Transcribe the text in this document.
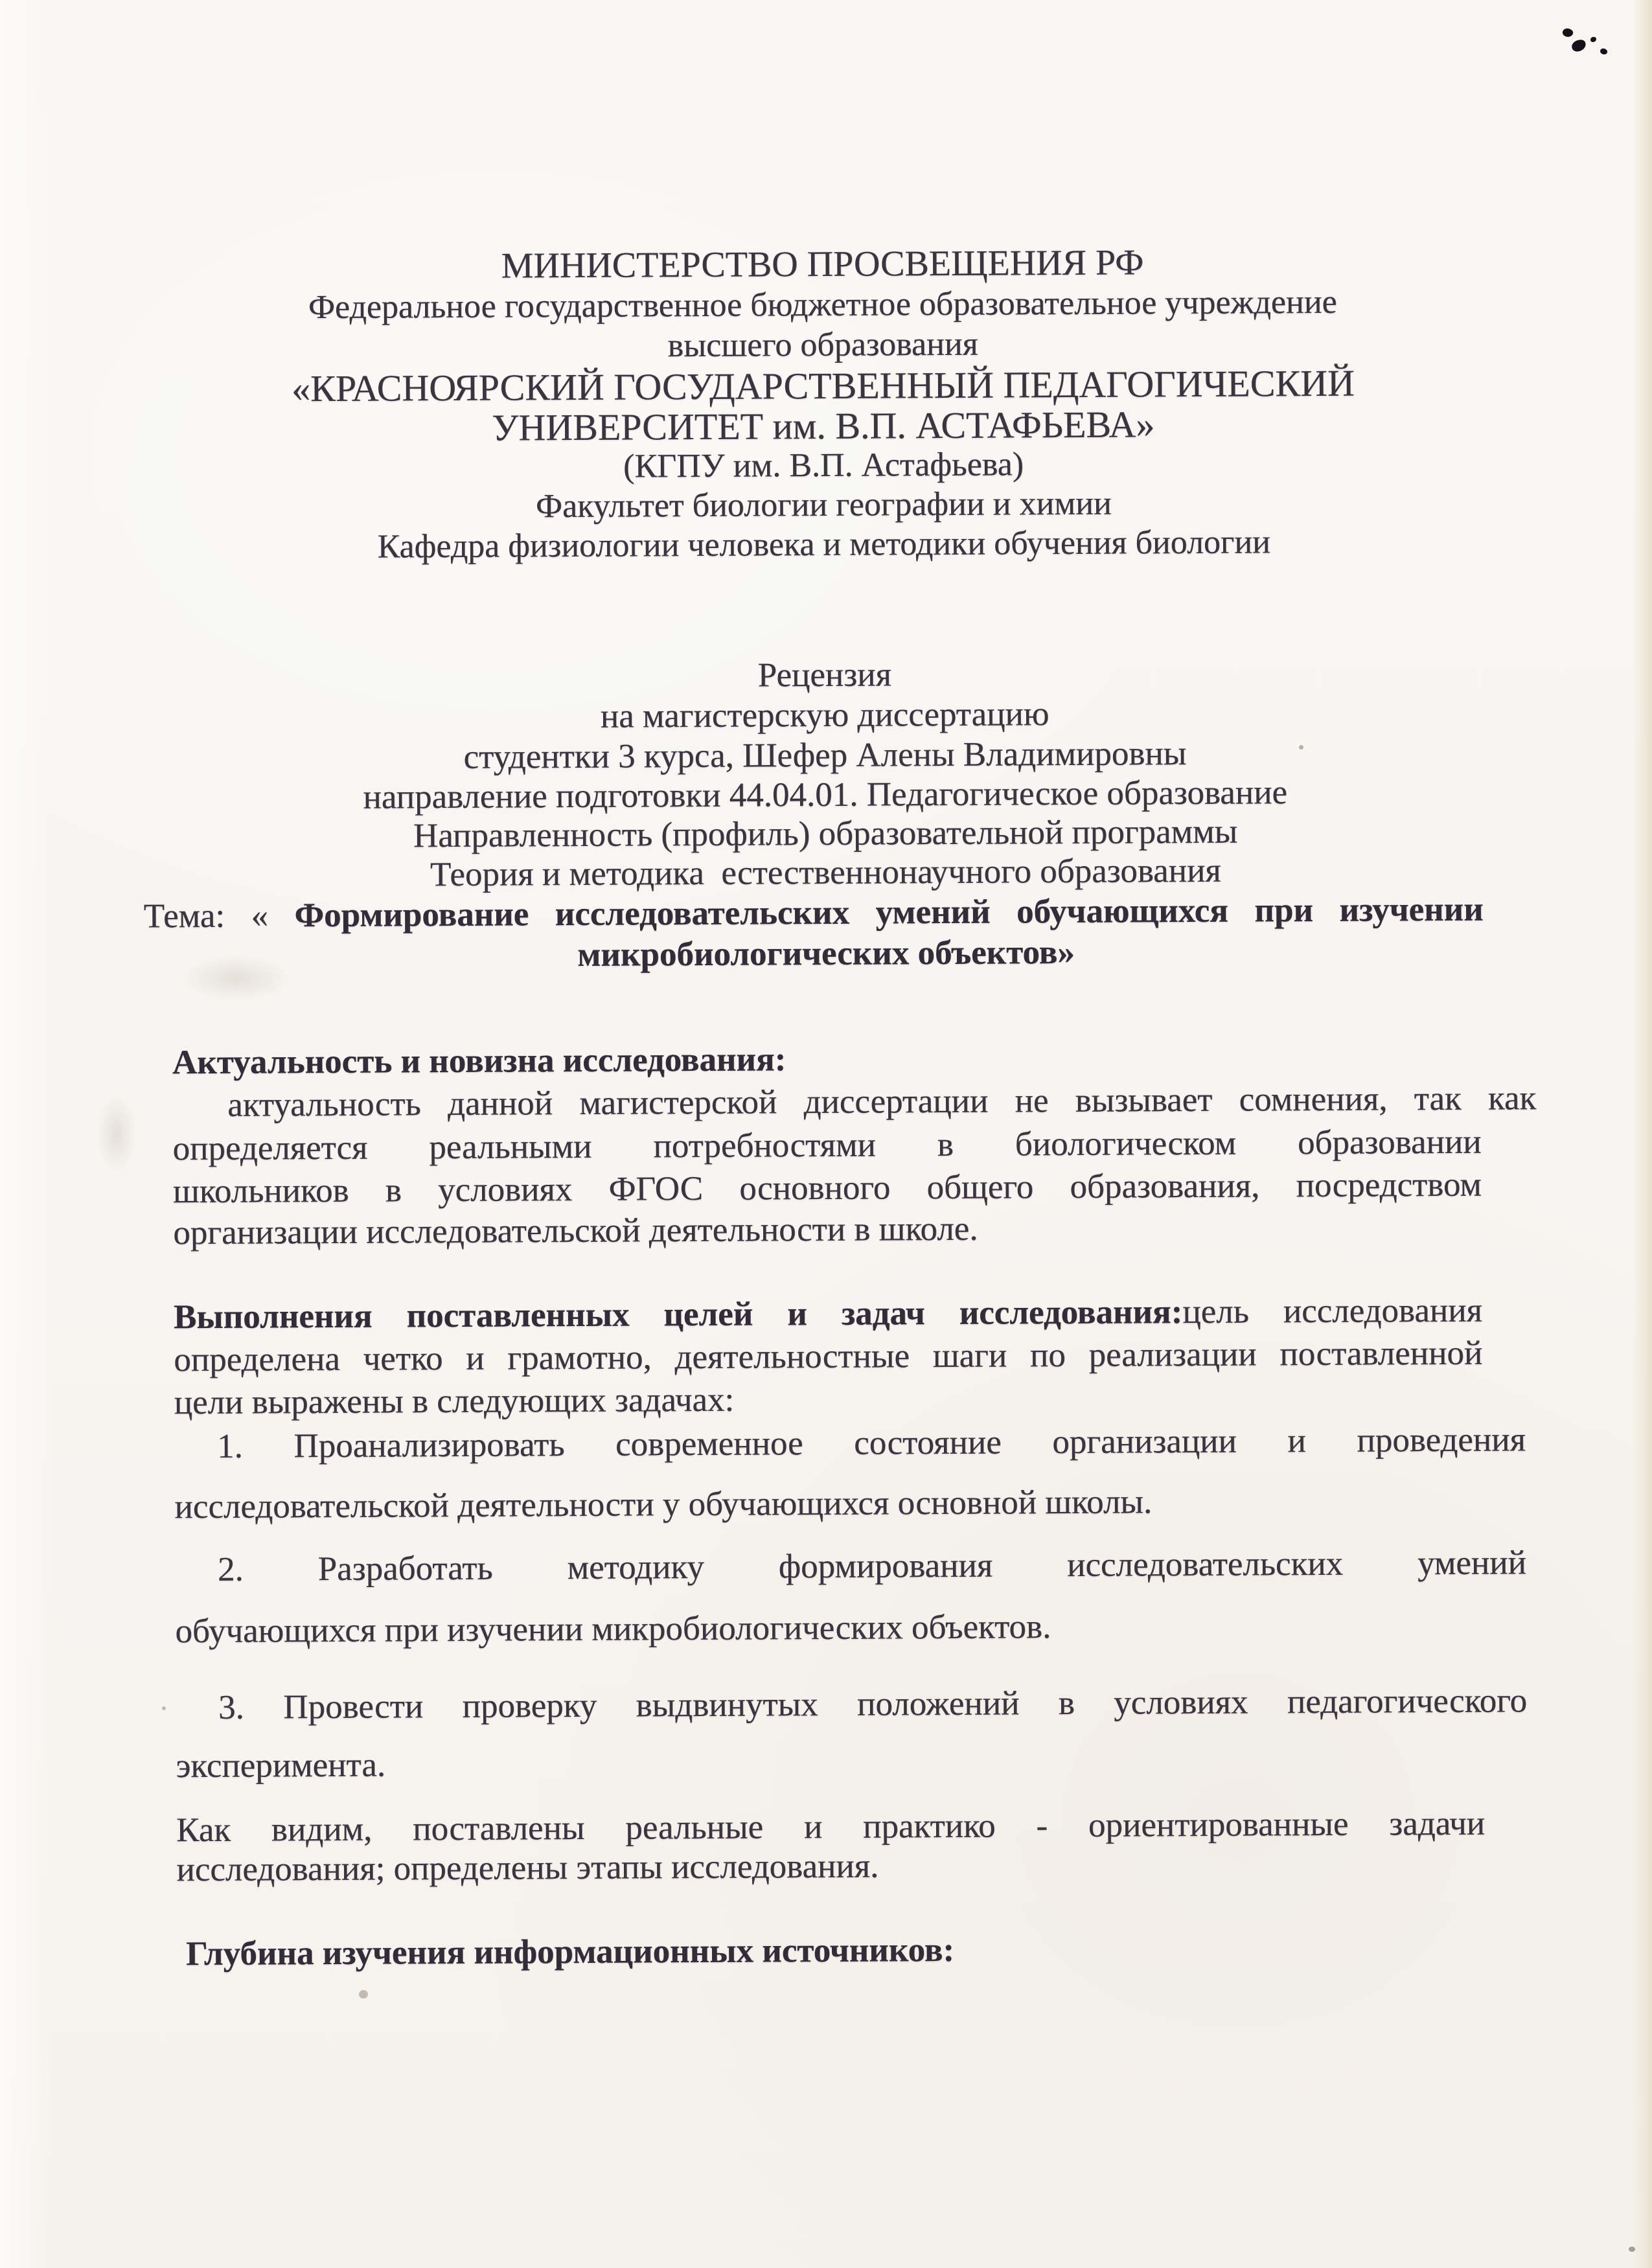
МИНИСТЕРСТВО ПРОСВЕЩЕНИЯ РФ
Федеральное государственное бюджетное образовательное учреждение
высшего образования
«КРАСНОЯРСКИЙ ГОСУДАРСТВЕННЫЙ ПЕДАГОГИЧЕСКИЙ
УНИВЕРСИТЕТ им. В.П. АСТАФЬЕВА»
(КГПУ им. В.П. Астафьева)
Факультет биологии географии и химии
Кафедра физиологии человека и методики обучения биологии
Рецензия
на магистерскую диссертацию
студентки 3 курса, Шефер Алены Владимировны
направление подготовки 44.04.01. Педагогическое образование
Направленность (профиль) образовательной программы
Теория и методика  естественнонаучного образования
Тема: « Формирование исследовательских умений обучающихся при изучении
микробиологических объектов»
Актуальность и новизна исследования:
актуальность данной магистерской диссертации не вызывает сомнения, так как
определяется реальными потребностями в биологическом образовании
школьников в условиях ФГОС основного общего образования, посредством
организации исследовательской деятельности в школе.
Выполнения поставленных целей и задач исследования:цель исследования
определена четко и грамотно, деятельностные шаги по реализации поставленной
цели выражены в следующих задачах:
1. Проанализировать современное состояние организации и проведения
исследовательской деятельности у обучающихся основной школы.
2. Разработать методику формирования исследовательских умений
обучающихся при изучении микробиологических объектов.
3. Провести проверку выдвинутых положений в условиях педагогического
эксперимента.
Как видим, поставлены реальные и практико - ориентированные задачи
исследования; определены этапы исследования.
Глубина изучения информационных источников:
